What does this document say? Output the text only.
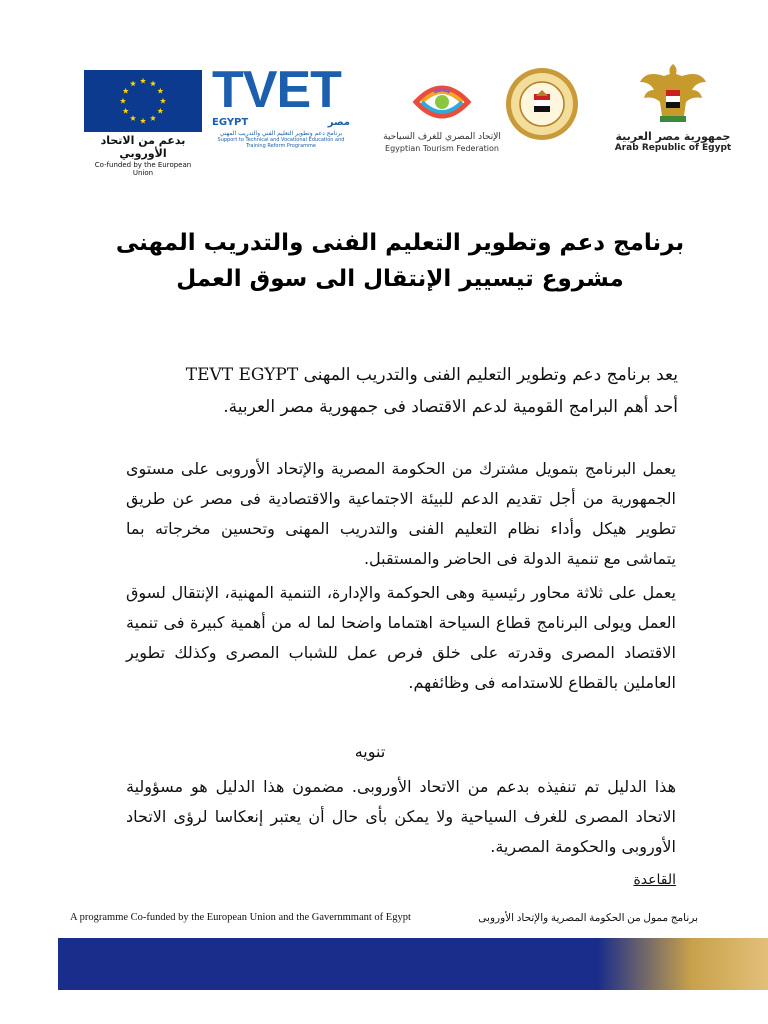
بدعم من الاتحاد الأوروبي
Co-funded by the European Union
TVET
EGYPT	مصر
برنامج دعم وتطوير التعليم الفني والتدريب المهني
Support to Technical and Vocational Education and Training Reform Programme
الإتحاد المصري للغرف السياحية
Egyptian Tourism Federation
جمهورية مصر العربية
Arab Republic of Egypt
برنامج دعم وتطوير التعليم الفنى والتدريب المهنى
مشروع تيسيير الإنتقال الى سوق العمل

يعد برنامج دعم وتطوير التعليم الفنى والتدريب المهنى TEVT EGYPT

أحد أهم البرامج القومية لدعم الاقتصاد فى جمهورية مصر العربية.

يعمل البرنامج بتمويل مشترك من الحكومة المصرية والإتحاد الأوروبى على مستوى الجمهورية من أجل تقديم الدعم للبيئة الاجتماعية والاقتصادية فى مصر عن طريق تطوير هيكل وأداء نظام التعليم الفنى والتدريب المهنى وتحسين مخرجاته بما يتماشى مع تنمية الدولة فى الحاضر والمستقبل.

يعمل على ثلاثة محاور رئيسية وهى الحوكمة والإدارة، التنمية المهنية، الإنتقال لسوق العمل ويولى البرنامج قطاع السياحة اهتماما واضحا لما له من أهمية كبيرة فى تنمية الاقتصاد المصرى وقدرته على خلق فرص عمل للشباب المصرى وكذلك تطوير العاملين بالقطاع للاستدامه فى وظائفهم.

تنويه

هذا الدليل تم تنفيذه بدعم من الاتحاد الأوروبى. مضمون هذا الدليل هو مسؤولية الاتحاد المصرى للغرف السياحية ولا يمكن بأى حال أن يعتبر إنعكاسا لرؤى الاتحاد الأوروبى والحكومة المصرية.

القاعدة
A programme Co-funded by the European Union and the Gavernmmant of Egypt	برنامج ممول من الحكومة المصرية والإتحاد الأوروبى
